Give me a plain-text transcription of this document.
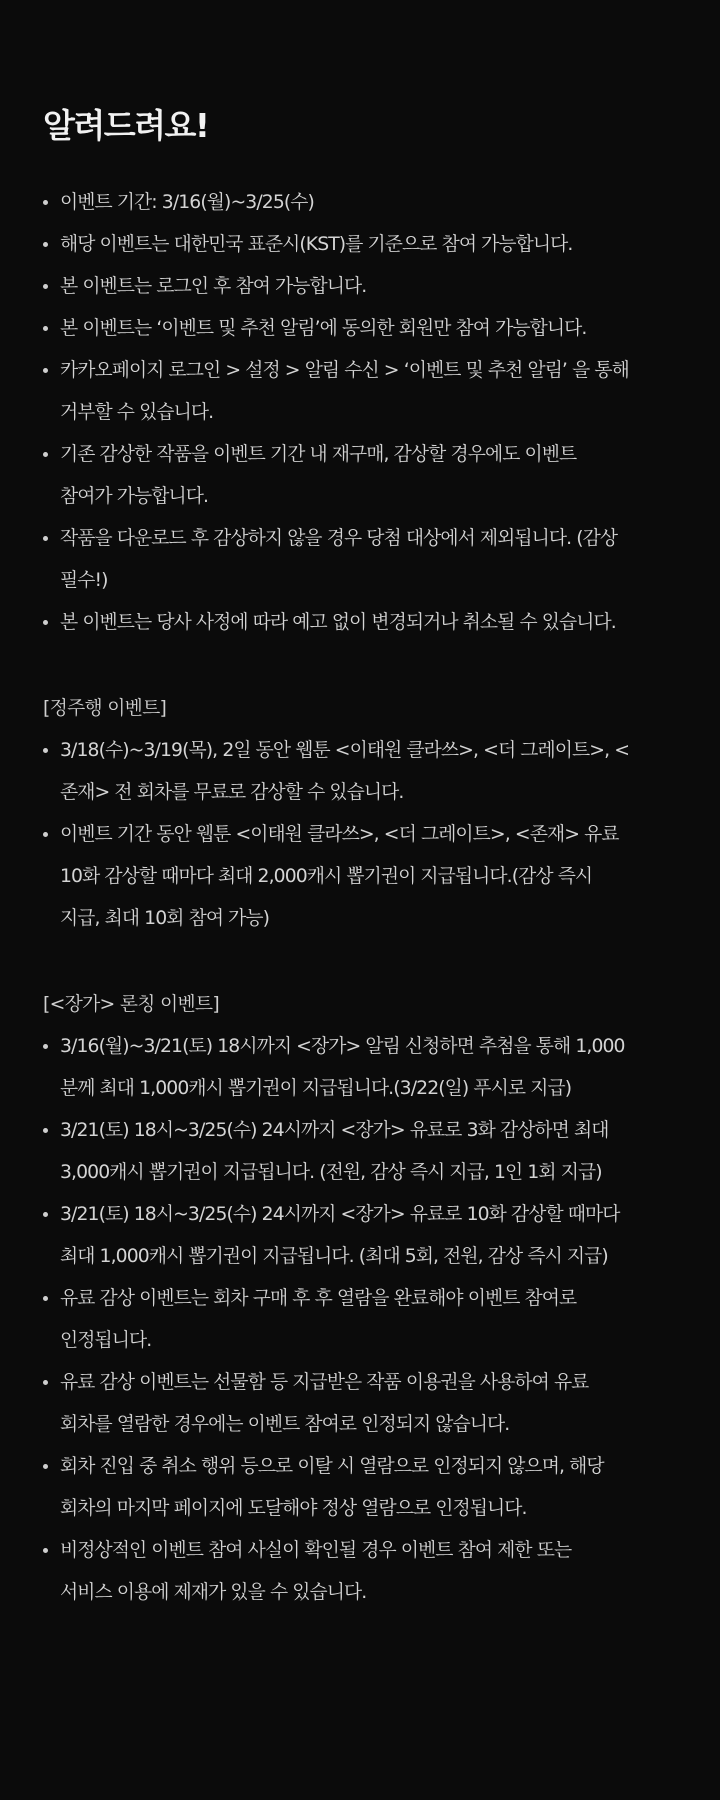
알려드려요!
이벤트 기간: 3/16(월)~3/25(수)
해당 이벤트는 대한민국 표준시(KST)를 기준으로 참여 가능합니다.
본 이벤트는 로그인 후 참여 가능합니다.
본 이벤트는 ‘이벤트 및 추천 알림’에 동의한 회원만 참여 가능합니다.
카카오페이지 로그인 > 설정 > 알림 수신 > ‘이벤트 및 추천 알림’ 을 통해
거부할 수 있습니다.
기존 감상한 작품을 이벤트 기간 내 재구매, 감상할 경우에도 이벤트
참여가 가능합니다.
작품을 다운로드 후 감상하지 않을 경우 당첨 대상에서 제외됩니다. (감상
필수!)
본 이벤트는 당사 사정에 따라 예고 없이 변경되거나 취소될 수 있습니다.

[정주행 이벤트]

3/18(수)~3/19(목), 2일 동안 웹툰 <이태원 클라쓰>, <더 그레이트>, <
존재> 전 회차를 무료로 감상할 수 있습니다.
이벤트 기간 동안 웹툰 <이태원 클라쓰>, <더 그레이트>, <존재> 유료
10화 감상할 때마다 최대 2,000캐시 뽑기권이 지급됩니다.(감상 즉시
지급, 최대 10회 참여 가능)

[<장가> 론칭 이벤트]

3/16(월)~3/21(토) 18시까지 <장가> 알림 신청하면 추첨을 통해 1,000
분께 최대 1,000캐시 뽑기권이 지급됩니다.(3/22(일) 푸시로 지급)
3/21(토) 18시~3/25(수) 24시까지 <장가> 유료로 3화 감상하면 최대
3,000캐시 뽑기권이 지급됩니다. (전원, 감상 즉시 지급, 1인 1회 지급)
3/21(토) 18시~3/25(수) 24시까지 <장가> 유료로 10화 감상할 때마다
최대 1,000캐시 뽑기권이 지급됩니다. (최대 5회, 전원, 감상 즉시 지급)
유료 감상 이벤트는 회차 구매 후 후 열람을 완료해야 이벤트 참여로
인정됩니다.
유료 감상 이벤트는 선물함 등 지급받은 작품 이용권을 사용하여 유료
회차를 열람한 경우에는 이벤트 참여로 인정되지 않습니다.
회차 진입 중 취소 행위 등으로 이탈 시 열람으로 인정되지 않으며, 해당
회차의 마지막 페이지에 도달해야 정상 열람으로 인정됩니다.
비정상적인 이벤트 참여 사실이 확인될 경우 이벤트 참여 제한 또는
서비스 이용에 제재가 있을 수 있습니다.
